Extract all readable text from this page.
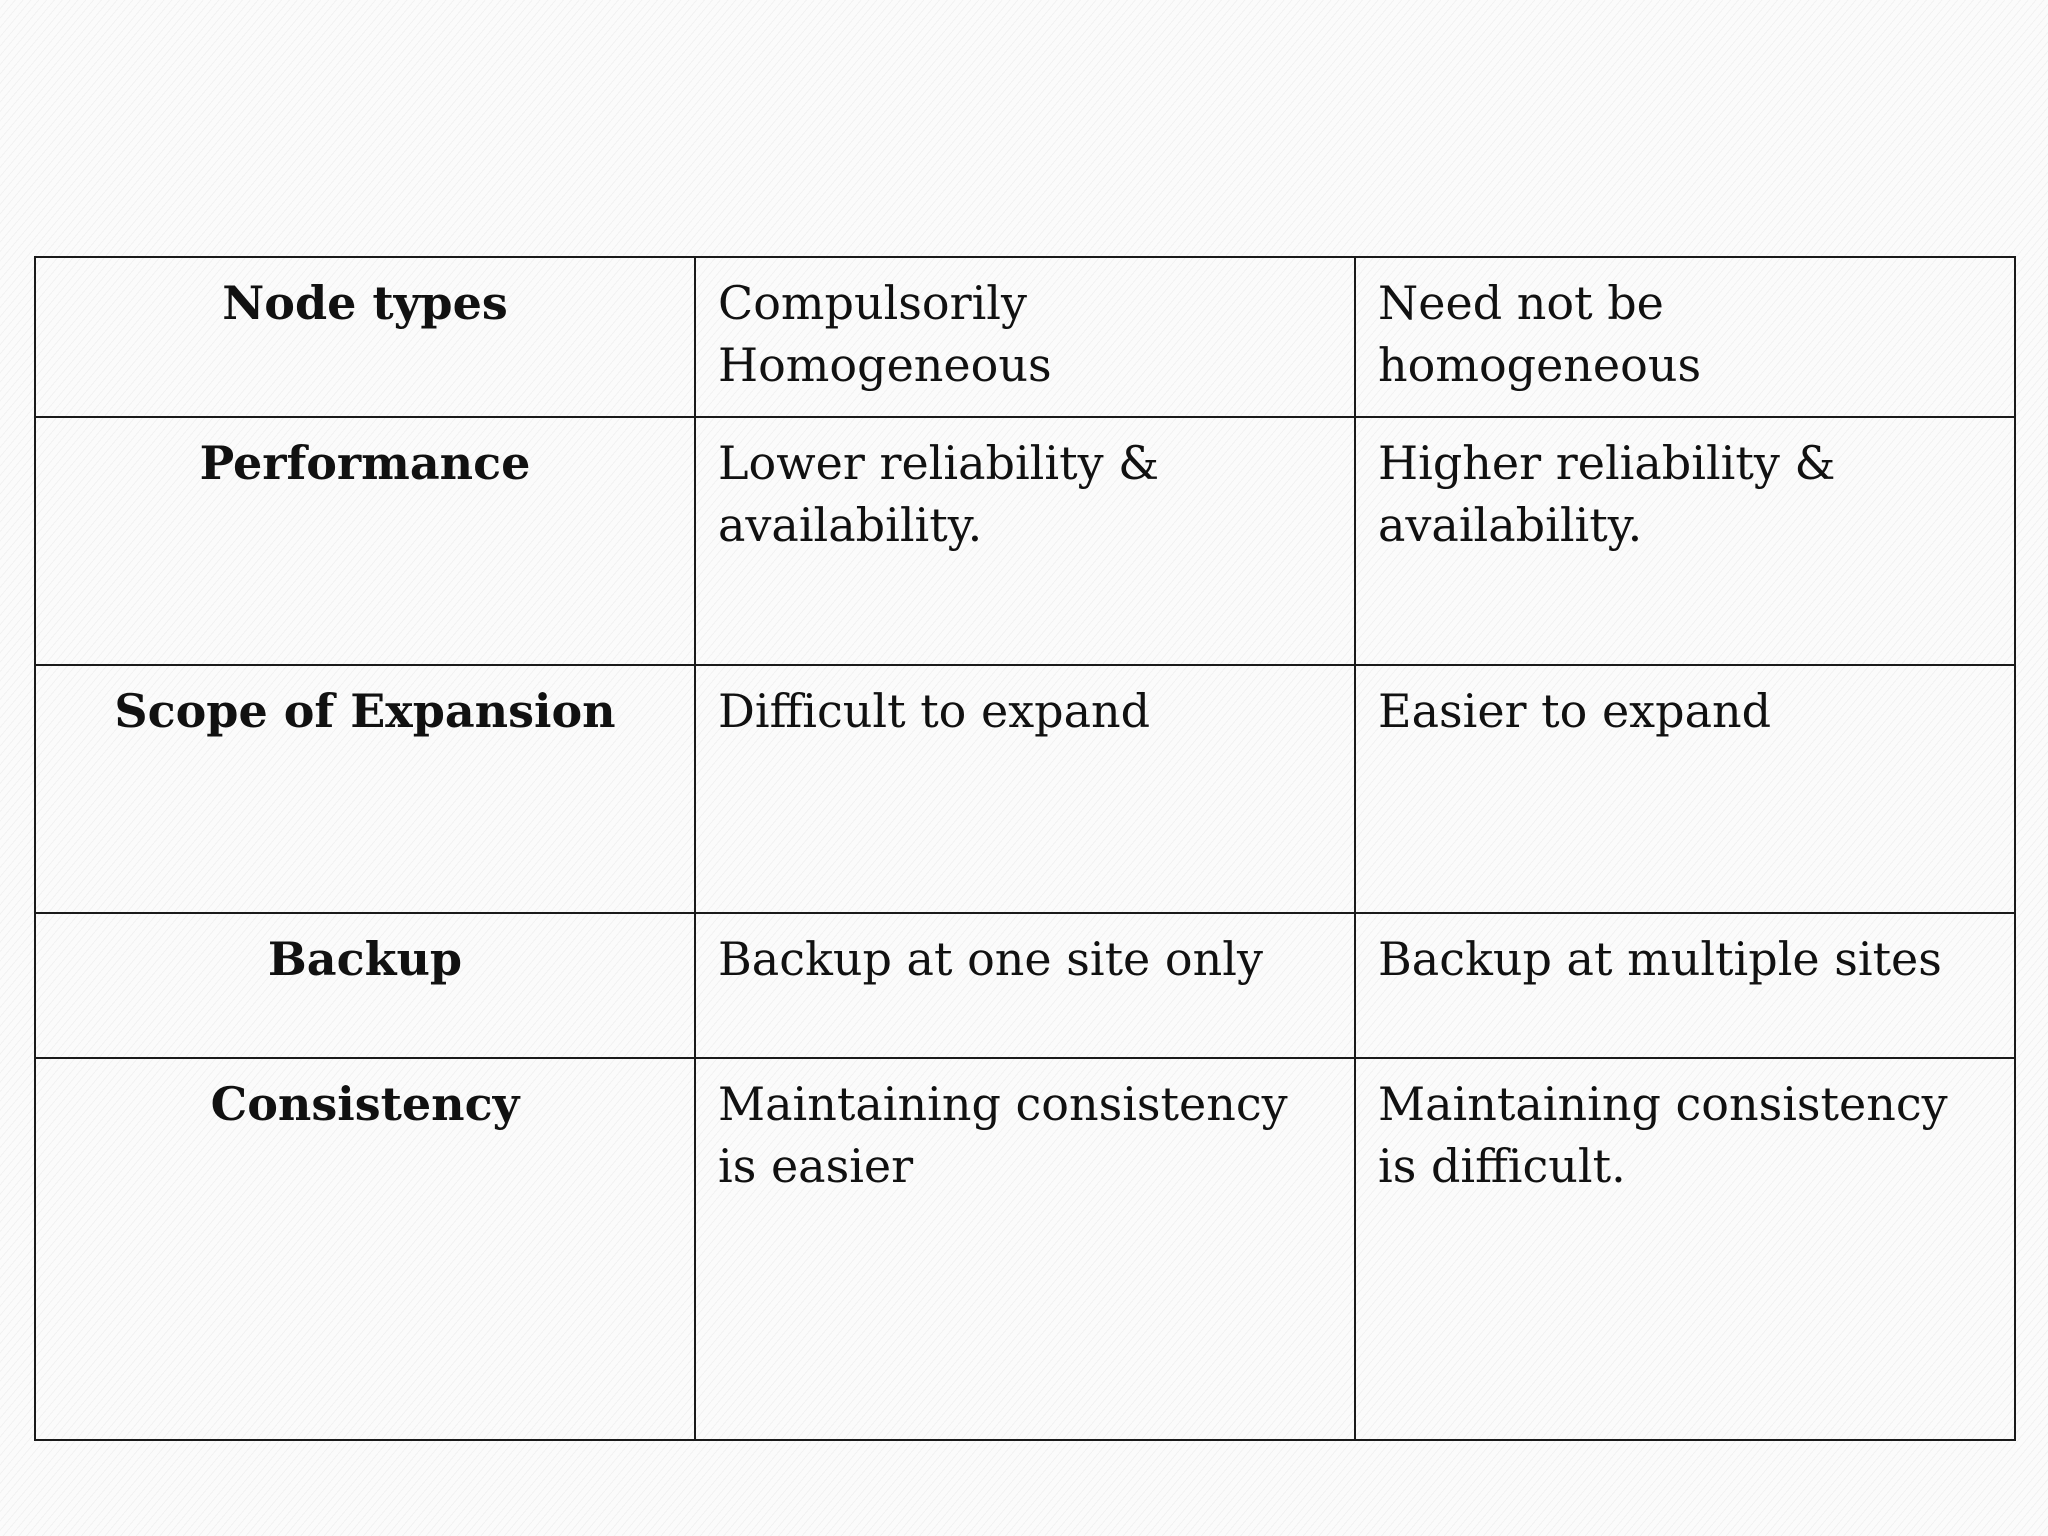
Node types	Compulsorily Homogeneous	Need not be homogeneous
Performance	Lower reliability & availability.	Higher reliability & availability.
Scope of Expansion	Difficult to expand	Easier to expand
Backup	Backup at one site only	Backup at multiple sites
Consistency	Maintaining consistency is easier	Maintaining consistency is difficult.
